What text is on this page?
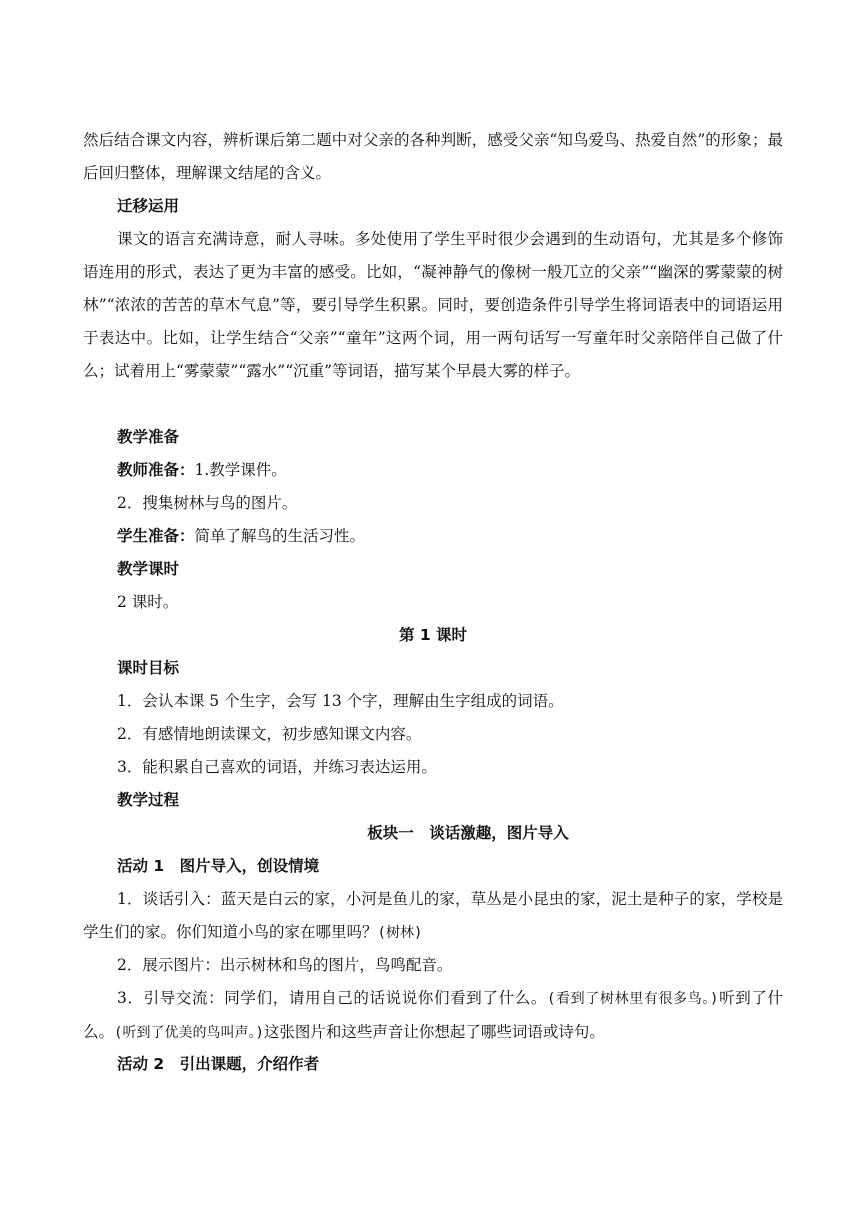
然后结合课文内容，辨析课后第二题中对父亲的各种判断，感受父亲“知鸟爱鸟、热爱自然”的形象；最后回归整体，理解课文结尾的含义。

迁移运用

课文的语言充满诗意，耐人寻味。多处使用了学生平时很少会遇到的生动语句，尤其是多个修饰语连用的形式，表达了更为丰富的感受。比如，“凝神静气的像树一般兀立的父亲”“幽深的雾蒙蒙的树林”“浓浓的苦苦的草木气息”等，要引导学生积累。同时，要创造条件引导学生将词语表中的词语运用于表达中。比如，让学生结合“父亲”“童年”这两个词，用一两句话写一写童年时父亲陪伴自己做了什么；试着用上“雾蒙蒙”“露水”“沉重”等词语，描写某个早晨大雾的样子。

教学准备

教师准备：1.教学课件。

2．搜集树林与鸟的图片。

学生准备：简单了解鸟的生活习性。

教学课时

2 课时。

第 1 课时

课时目标

1．会认本课 5 个生字，会写 13 个字，理解由生字组成的词语。

2．有感情地朗读课文，初步感知课文内容。

3．能积累自己喜欢的词语，并练习表达运用。

教学过程

板块一　谈话激趣，图片导入

活动 1　图片导入，创设情境

1．谈话引入：蓝天是白云的家，小河是鱼儿的家，草丛是小昆虫的家，泥土是种子的家，学校是学生们的家。你们知道小鸟的家在哪里吗？(树林)

2．展示图片：出示树林和鸟的图片，鸟鸣配音。

3．引导交流：同学们，请用自己的话说说你们看到了什么。(看到了树林里有很多鸟。)听到了什么。(听到了优美的鸟叫声。)这张图片和这些声音让你想起了哪些词语或诗句。

活动 2　引出课题，介绍作者
